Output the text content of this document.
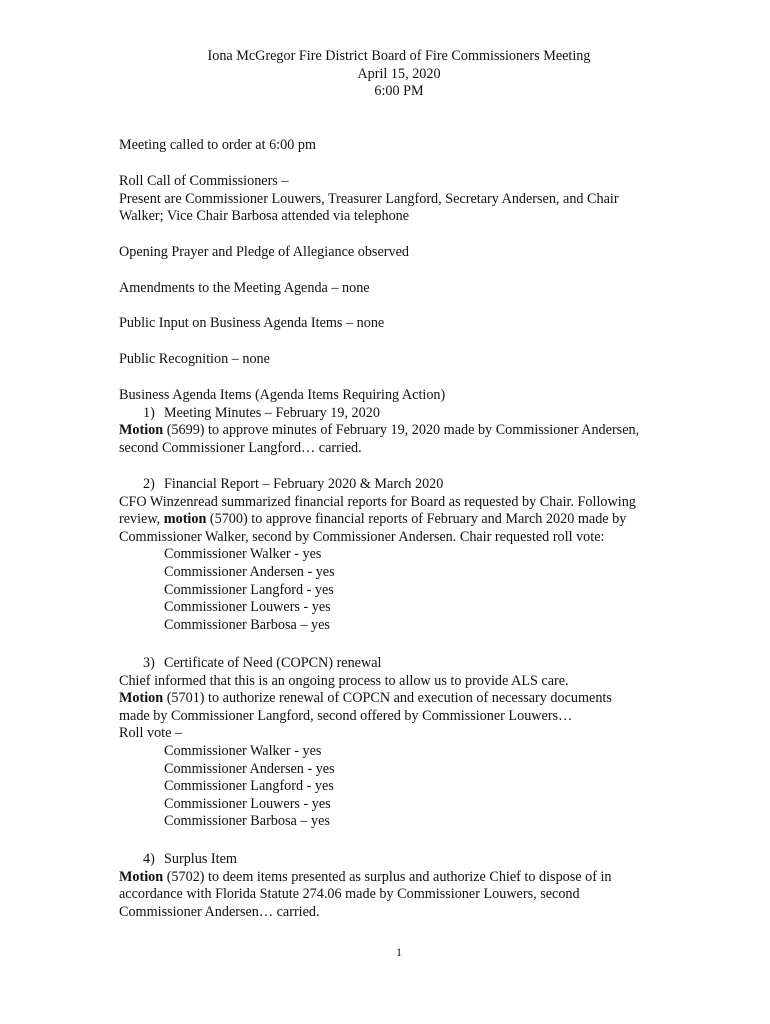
Iona McGregor Fire District Board of Fire Commissioners Meeting
April 15, 2020
6:00 PM
Meeting called to order at 6:00 pm
Roll Call of Commissioners –
Present are Commissioner Louwers, Treasurer Langford, Secretary Andersen, and Chair
Walker; Vice Chair Barbosa attended via telephone
Opening Prayer and Pledge of Allegiance observed
Amendments to the Meeting Agenda – none
Public Input on Business Agenda Items – none
Public Recognition – none
Business Agenda Items (Agenda Items Requiring Action)
1) Meeting Minutes – February 19, 2020
Motion (5699) to approve minutes of February 19, 2020 made by Commissioner Andersen,
second Commissioner Langford… carried.
2) Financial Report – February 2020 & March 2020
CFO Winzenread summarized financial reports for Board as requested by Chair. Following
review, motion (5700) to approve financial reports of February and March 2020 made by
Commissioner Walker, second by Commissioner Andersen. Chair requested roll vote:
Commissioner Walker - yes
Commissioner Andersen - yes
Commissioner Langford - yes
Commissioner Louwers - yes
Commissioner Barbosa – yes
3) Certificate of Need (COPCN) renewal
Chief informed that this is an ongoing process to allow us to provide ALS care.
Motion (5701) to authorize renewal of COPCN and execution of necessary documents
made by Commissioner Langford, second offered by Commissioner Louwers…
Roll vote –
Commissioner Walker - yes
Commissioner Andersen - yes
Commissioner Langford - yes
Commissioner Louwers - yes
Commissioner Barbosa – yes
4) Surplus Item
Motion (5702) to deem items presented as surplus and authorize Chief to dispose of in
accordance with Florida Statute 274.06 made by Commissioner Louwers, second
Commissioner Andersen… carried.
1
